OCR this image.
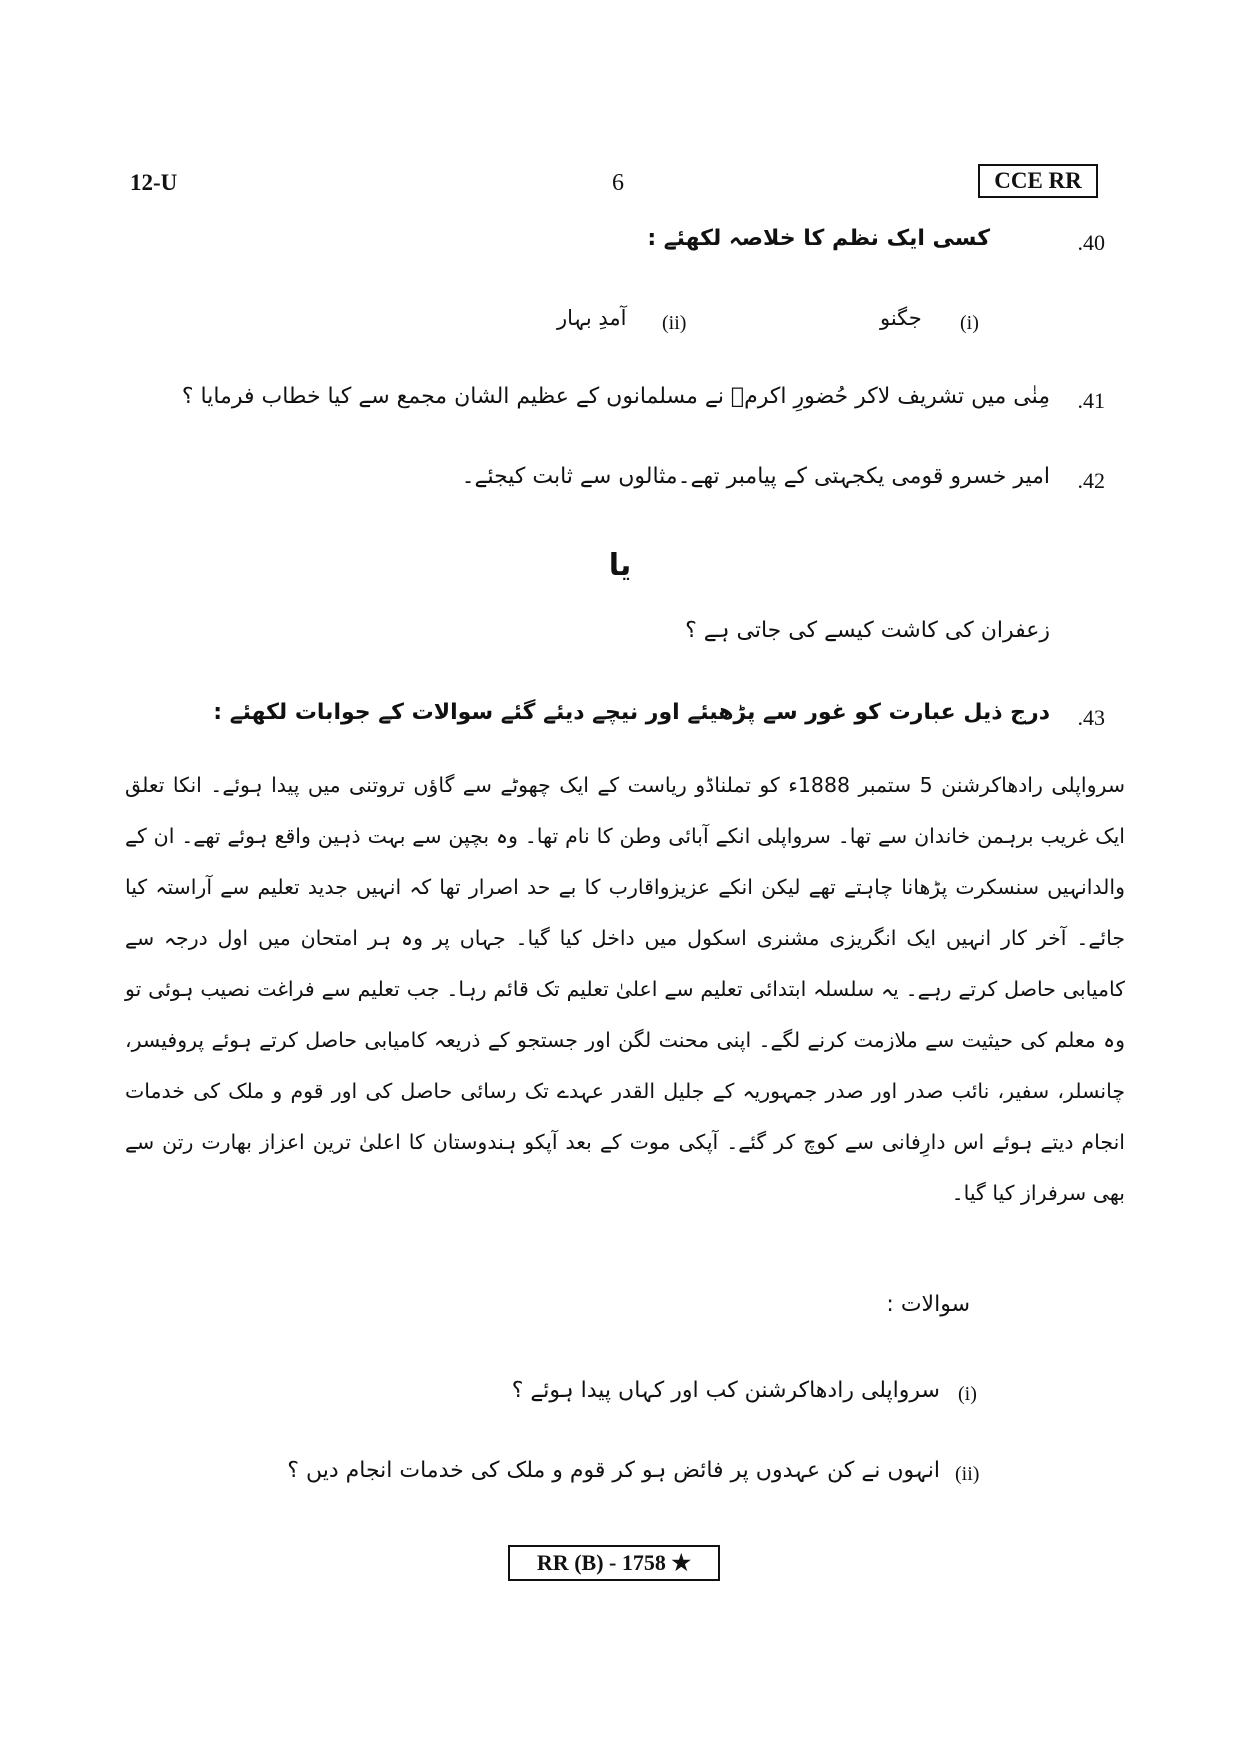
12-U	6	CCE RR
.40
کسی ایک نظم کا خلاصہ لکھئے :
(i)
جگنو
(ii)
آمدِ بہار
.41
مِنٰی میں تشریف لاکر حُضورِ اکرمؐ نے مسلمانوں کے عظیم الشان مجمع سے کیا خطاب فرمایا ؟
.42
امیر خسرو قومی یکجہتی کے پیامبر تھے۔مثالوں سے ثابت کیجئے۔
یا
زعفران کی کاشت کیسے کی جاتی ہے ؟
.43
درج ذیل عبارت کو غور سے پڑھیئے اور نیچے دیئے گئے سوالات کے جوابات لکھئے :

سرواپلی رادھاکرشنن 5 ستمبر 1888ء کو تملناڈو ریاست کے ایک چھوٹے سے گاؤں تروتنی میں پیدا ہوئے۔ انکا تعلق ایک غریب برہمن خاندان سے تھا۔ سرواپلی انکے آبائی وطن کا نام تھا۔ وہ بچپن سے بہت ذہین واقع ہوئے تھے۔ ان کے والدانہیں سنسکرت پڑھانا چاہتے تھے لیکن انکے عزیزواقارب کا بے حد اصرار تھا کہ انہیں جدید تعلیم سے آراستہ کیا جائے۔ آخر کار انہیں ایک انگریزی مشنری اسکول میں داخل کیا گیا۔ جہاں پر وہ ہر امتحان میں اول درجہ سے کامیابی حاصل کرتے رہے۔ یہ سلسلہ ابتدائی تعلیم سے اعلیٰ تعلیم تک قائم رہا۔ جب تعلیم سے فراغت نصیب ہوئی تو وہ معلم کی حیثیت سے ملازمت کرنے لگے۔ اپنی محنت لگن اور جستجو کے ذریعہ کامیابی حاصل کرتے ہوئے پروفیسر، چانسلر، سفیر، نائب صدر اور صدر جمہوریہ کے جلیل القدر عہدے تک رسائی حاصل کی اور قوم و ملک کی خدمات انجام دیتے ہوئے اس دارِفانی سے کوچ کر گئے۔ آپکی موت کے بعد آپکو ہندوستان کا اعلیٰ ترین اعزاز بھارت رتن سے بھی سرفراز کیا گیا۔

سوالات :
(i)
سرواپلی رادھاکرشنن کب اور کہاں پیدا ہوئے ؟
(ii)
انہوں نے کن عہدوں پر فائض ہو کر قوم و ملک کی خدمات انجام دیں ؟
RR (B) - 1758 ★
